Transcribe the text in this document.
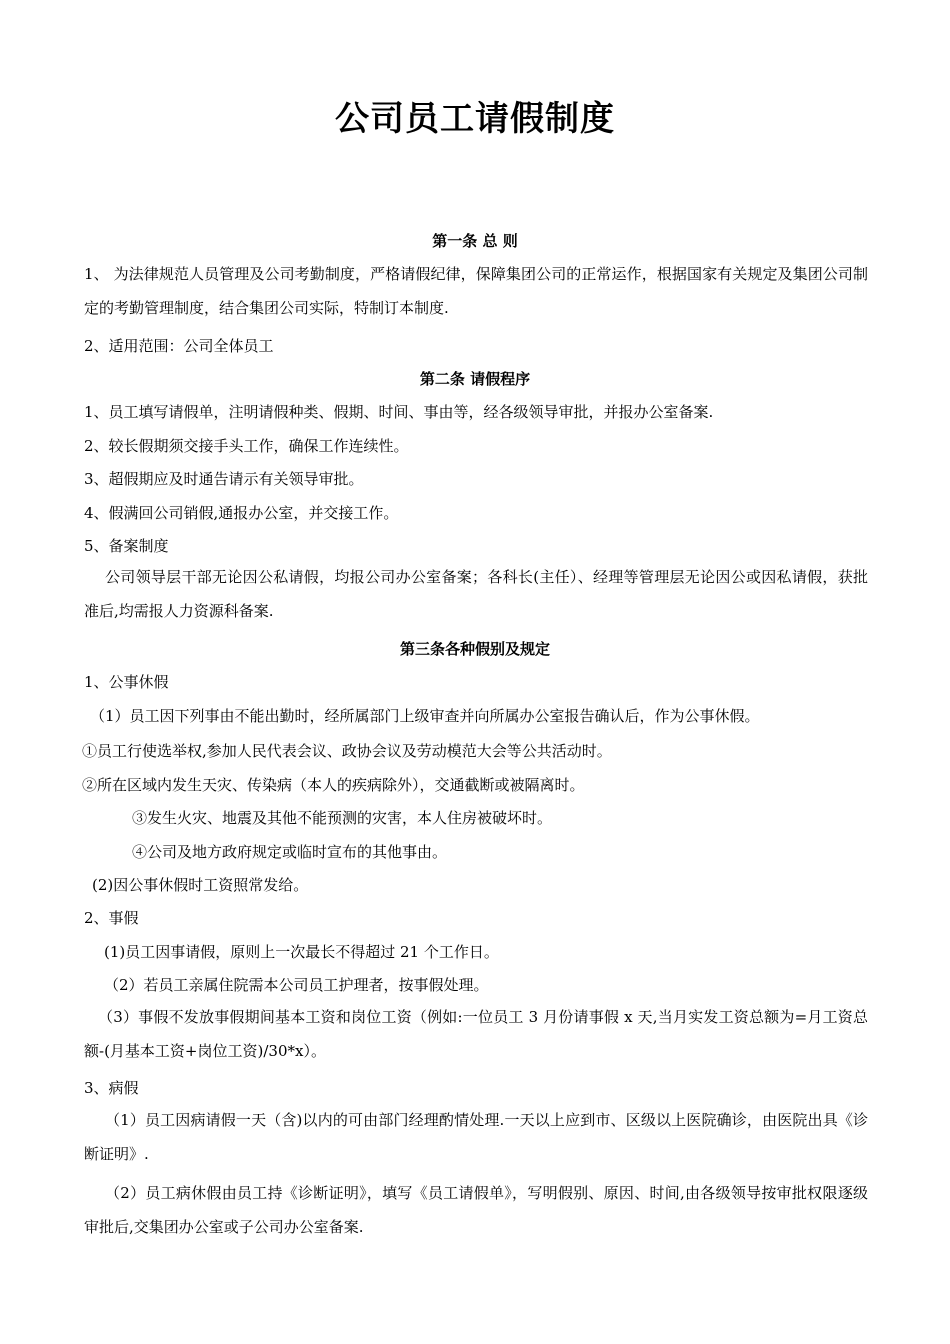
公司员工请假制度
第一条 总 则
1、 为法律规范人员管理及公司考勤制度，严格请假纪律，保障集团公司的正常运作，根据国家有关规定及集团公司制定的考勤管理制度，结合集团公司实际，特制订本制度.
2、适用范围：公司全体员工
第二条 请假程序
1、员工填写请假单，注明请假种类、假期、时间、事由等，经各级领导审批，并报办公室备案.
2、较长假期须交接手头工作，确保工作连续性。
3、超假期应及时通告请示有关领导审批。
4、假满回公司销假,通报办公室，并交接工作。
5、备案制度
公司领导层干部无论因公私请假，均报公司办公室备案；各科长(主任）、经理等管理层无论因公或因私请假，获批准后,均需报人力资源科备案.
第三条各种假别及规定
1、公事休假
（1）员工因下列事由不能出勤时，经所属部门上级审查并向所属办公室报告确认后，作为公事休假。
①员工行使选举权,参加人民代表会议、政协会议及劳动模范大会等公共活动时。
②所在区域内发生天灾、传染病（本人的疾病除外），交通截断或被隔离时。
③发生火灾、地震及其他不能预测的灾害，本人住房被破坏时。
④公司及地方政府规定或临时宣布的其他事由。
(2)因公事休假时工资照常发给。
2、事假
(1)员工因事请假，原则上一次最长不得超过 21 个工作日。
（2）若员工亲属住院需本公司员工护理者，按事假处理。
（3）事假不发放事假期间基本工资和岗位工资（例如:一位员工 3 月份请事假 x 天,当月实发工资总额为=月工资总额-(月基本工资+岗位工资)/30*x）。
3、病假
（1）员工因病请假一天（含)以内的可由部门经理酌情处理.一天以上应到市、区级以上医院确诊，由医院出具《诊断证明》.
（2）员工病休假由员工持《诊断证明》，填写《员工请假单》，写明假别、原因、时间,由各级领导按审批权限逐级审批后,交集团办公室或子公司办公室备案.
